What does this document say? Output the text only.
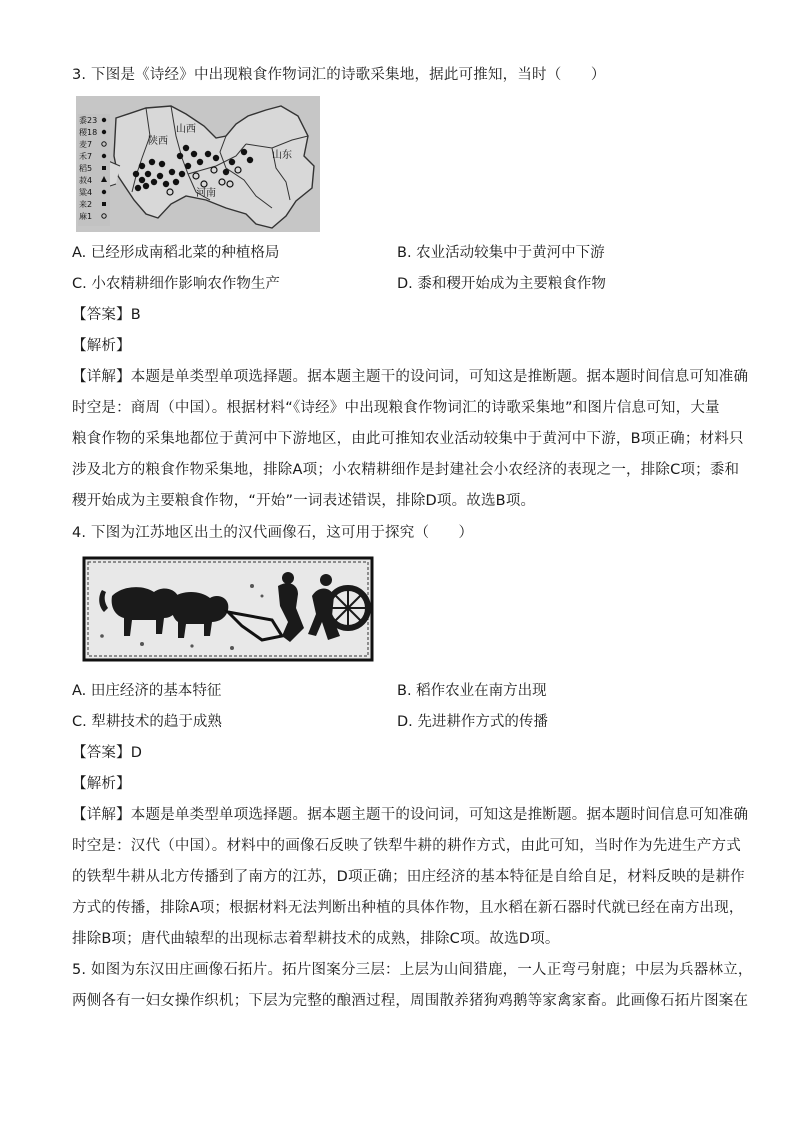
3. 下图是《诗经》中出现粮食作物词汇的诗歌采集地，据此可推知，当时（　　）
黍23
稷18
麦7
禾7
稻5
菽4
粱4
来2
麻1
山西
陕西
山东
河南
A. 已经形成南稻北菜的种植格局	B. 农业活动较集中于黄河中下游
C. 小农精耕细作影响农作物生产	D. 黍和稷开始成为主要粮食作物
【答案】B
【解析】
【详解】本题是单类型单项选择题。据本题主题干的设问词，可知这是推断题。据本题时间信息可知准确
时空是：商周（中国）。根据材料“《诗经》中出现粮食作物词汇的诗歌采集地”和图片信息可知，大量
粮食作物的采集地都位于黄河中下游地区，由此可推知农业活动较集中于黄河中下游，B项正确；材料只
涉及北方的粮食作物采集地，排除A项；小农精耕细作是封建社会小农经济的表现之一，排除C项；黍和
稷开始成为主要粮食作物，“开始”一词表述错误，排除D项。故选B项。
4. 下图为江苏地区出土的汉代画像石，这可用于探究（　　）
A. 田庄经济的基本特征	B. 稻作农业在南方出现
C. 犁耕技术的趋于成熟	D. 先进耕作方式的传播
【答案】D
【解析】
【详解】本题是单类型单项选择题。据本题主题干的设问词，可知这是推断题。据本题时间信息可知准确
时空是：汉代（中国）。材料中的画像石反映了铁犁牛耕的耕作方式，由此可知，当时作为先进生产方式
的铁犁牛耕从北方传播到了南方的江苏，D项正确；田庄经济的基本特征是自给自足，材料反映的是耕作
方式的传播，排除A项；根据材料无法判断出种植的具体作物，且水稻在新石器时代就已经在南方出现，
排除B项；唐代曲辕犁的出现标志着犁耕技术的成熟，排除C项。故选D项。
5. 如图为东汉田庄画像石拓片。拓片图案分三层：上层为山间猎鹿，一人正弯弓射鹿；中层为兵器林立，
两侧各有一妇女操作织机；下层为完整的酿酒过程，周围散养猪狗鸡鹅等家禽家畜。此画像石拓片图案在
